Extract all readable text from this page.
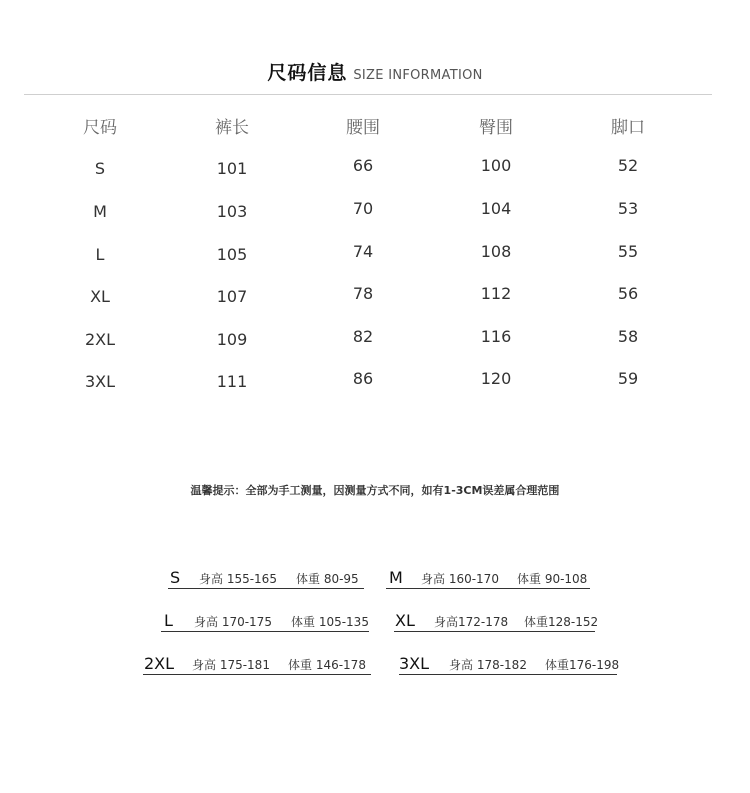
尺码信息 SIZE INFORMATION
尺码	裤长	腰围	臀围	脚口
S	101	66	100	52
M	103	70	104	53
L	105	74	108	55
XL	107	78	112	56
2XL	109	82	116	58
3XL	111	86	120	59
温馨提示：全部为手工测量，因测量方式不同，如有1-3CM误差属合理范围
S 身高 155-165 体重 80-95 M 身高 160-170 体重 90-108
L 身高 170-175 体重 105-135 XL 身高172-178 体重128-152
2XL 身高 175-181 体重 146-178 3XL 身高 178-182 体重176-198
